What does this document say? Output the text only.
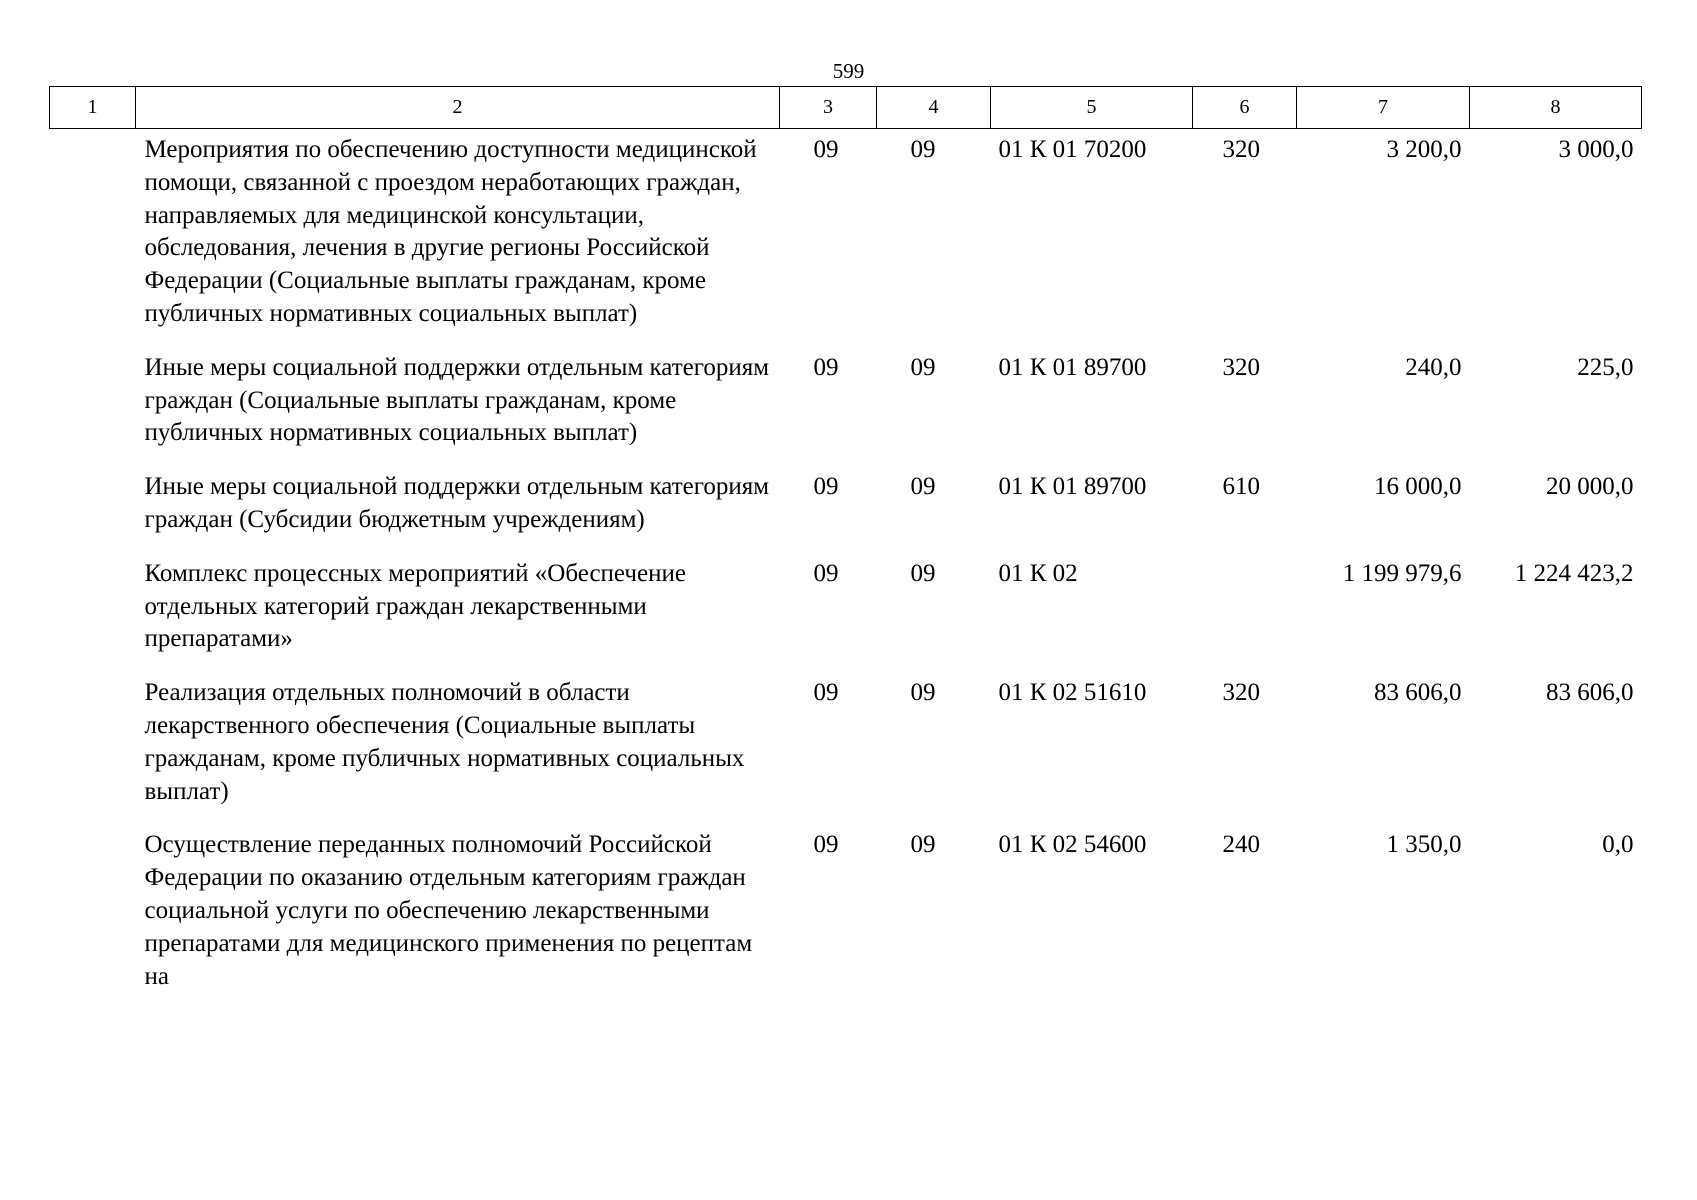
599
1	2	3	4	5	6	7	8
	Мероприятия по обеспечению доступности медицинской помощи, связанной с проездом неработающих граждан, направляемых для медицинской консультации, обследования, лечения в другие регионы Российской Федерации (Социальные выплаты гражданам, кроме публичных нормативных социальных выплат)	09	09	01 К 01 70200	320	3 200,0	3 000,0
	Иные меры социальной поддержки отдельным категориям граждан (Социальные выплаты гражданам, кроме публичных нормативных социальных выплат)	09	09	01 К 01 89700	320	240,0	225,0
	Иные меры социальной поддержки отдельным категориям граждан (Субсидии бюджетным учреждениям)	09	09	01 К 01 89700	610	16 000,0	20 000,0
	Комплекс процессных мероприятий «Обеспечение отдельных категорий граждан лекарственными препаратами»	09	09	01 К 02		1 199 979,6	1 224 423,2
	Реализация отдельных полномочий в области лекарственного обеспечения (Социальные выплаты гражданам, кроме публичных нормативных социальных выплат)	09	09	01 К 02 51610	320	83 606,0	83 606,0
	Осуществление переданных полномочий Российской Федерации по оказанию отдельным категориям граждан социальной услуги по обеспечению лекарственными препаратами для медицинского применения по рецептам на	09	09	01 К 02 54600	240	1 350,0	0,0
